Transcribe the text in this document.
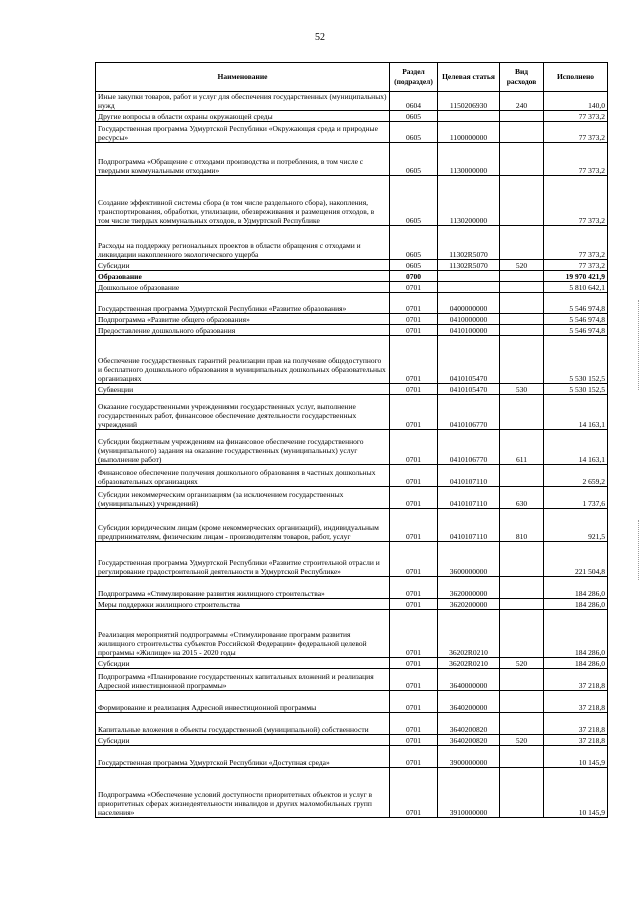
52
Наименование	Раздел (подраздел)	Целевая статья	Вид расходов	Исполнено
Иные закупки товаров, работ и услуг для обеспечения государственных (муниципальных) нужд	0604	1150206930	240	140,0
Другие вопросы в области охраны окружающей среды	0605			77 373,2
Государственная программа Удмуртской Республики «Окружающая среда и природные ресурсы»	0605	1100000000		77 373,2
Подпрограмма «Обращение с отходами производства и потребления, в том числе с твердыми коммунальными отходами»	0605	1130000000		77 373,2
Создание эффективной системы сбора (в том числе раздельного сбора), накопления, транспортирования, обработки, утилизации, обезвреживания и размещения отходов, в том числе твердых коммунальных отходов, в Удмуртской Республике	0605	1130200000		77 373,2
Расходы на поддержку региональных проектов в области обращения с отходами и ликвидации накопленного экологического ущерба	0605	11302R5070		77 373,2
Субсидии	0605	11302R5070	520	77 373,2
Образование	0700			19 970 421,9
Дошкольное образование	0701			5 810 642,1
Государственная программа Удмуртской Республики «Развитие образования»	0701	0400000000		5 546 974,8
Подпрограмма «Развитие общего образования»	0701	0410000000		5 546 974,8
Предоставление дошкольного образования	0701	0410100000		5 546 974,8
Обеспечение государственных гарантий реализации прав на получение общедоступного и бесплатного дошкольного образования в муниципальных дошкольных образовательных организациях	0701	0410105470		5 530 152,5
Субвенции	0701	0410105470	530	5 530 152,5
Оказание государственными учреждениями государственных услуг, выполнение государственных работ, финансовое обеспечение деятельности государственных учреждений	0701	0410106770		14 163,1
Субсидии бюджетным учреждениям на финансовое обеспечение государственного (муниципального) задания на оказание государственных (муниципальных) услуг (выполнение работ)	0701	0410106770	611	14 163,1
Финансовое обеспечение получения дошкольного образования в частных дошкольных образовательных организациях	0701	0410107110		2 659,2
Субсидии некоммерческим организациям (за исключением государственных (муниципальных) учреждений)	0701	0410107110	630	1 737,6
Субсидии юридическим лицам (кроме некоммерческих организаций), индивидуальным предпринимателям, физическим лицам - производителям товаров, работ, услуг	0701	0410107110	810	921,5
Государственная программа Удмуртской Республики «Развитие строительной отрасли и регулирование градостроительной деятельности в Удмуртской Республике»	0701	3600000000		221 504,8
Подпрограмма «Стимулирование развития жилищного строительства»	0701	3620000000		184 286,0
Меры поддержки жилищного строительства	0701	3620200000		184 286,0
Реализация мероприятий подпрограммы «Стимулирование программ развития жилищного строительства субъектов Российской Федерации» федеральной целевой программы «Жилище» на 2015 - 2020 годы	0701	36202R0210		184 286,0
Субсидии	0701	36202R0210	520	184 286,0
Подпрограмма «Планирование государственных капитальных вложений и реализация Адресной инвестиционной программы»	0701	3640000000		37 218,8
Формирование и реализация Адресной инвестиционной программы	0701	3640200000		37 218,8
Капитальные вложения в объекты государственной (муниципальной) собственности	0701	3640200820		37 218,8
Субсидии	0701	3640200820	520	37 218,8
Государственная программа Удмуртской Республики «Доступная среда»	0701	3900000000		10 145,9
Подпрограмма «Обеспечение условий доступности приоритетных объектов и услуг в приоритетных сферах жизнедеятельности инвалидов и других маломобильных групп населения»	0701	3910000000		10 145,9
